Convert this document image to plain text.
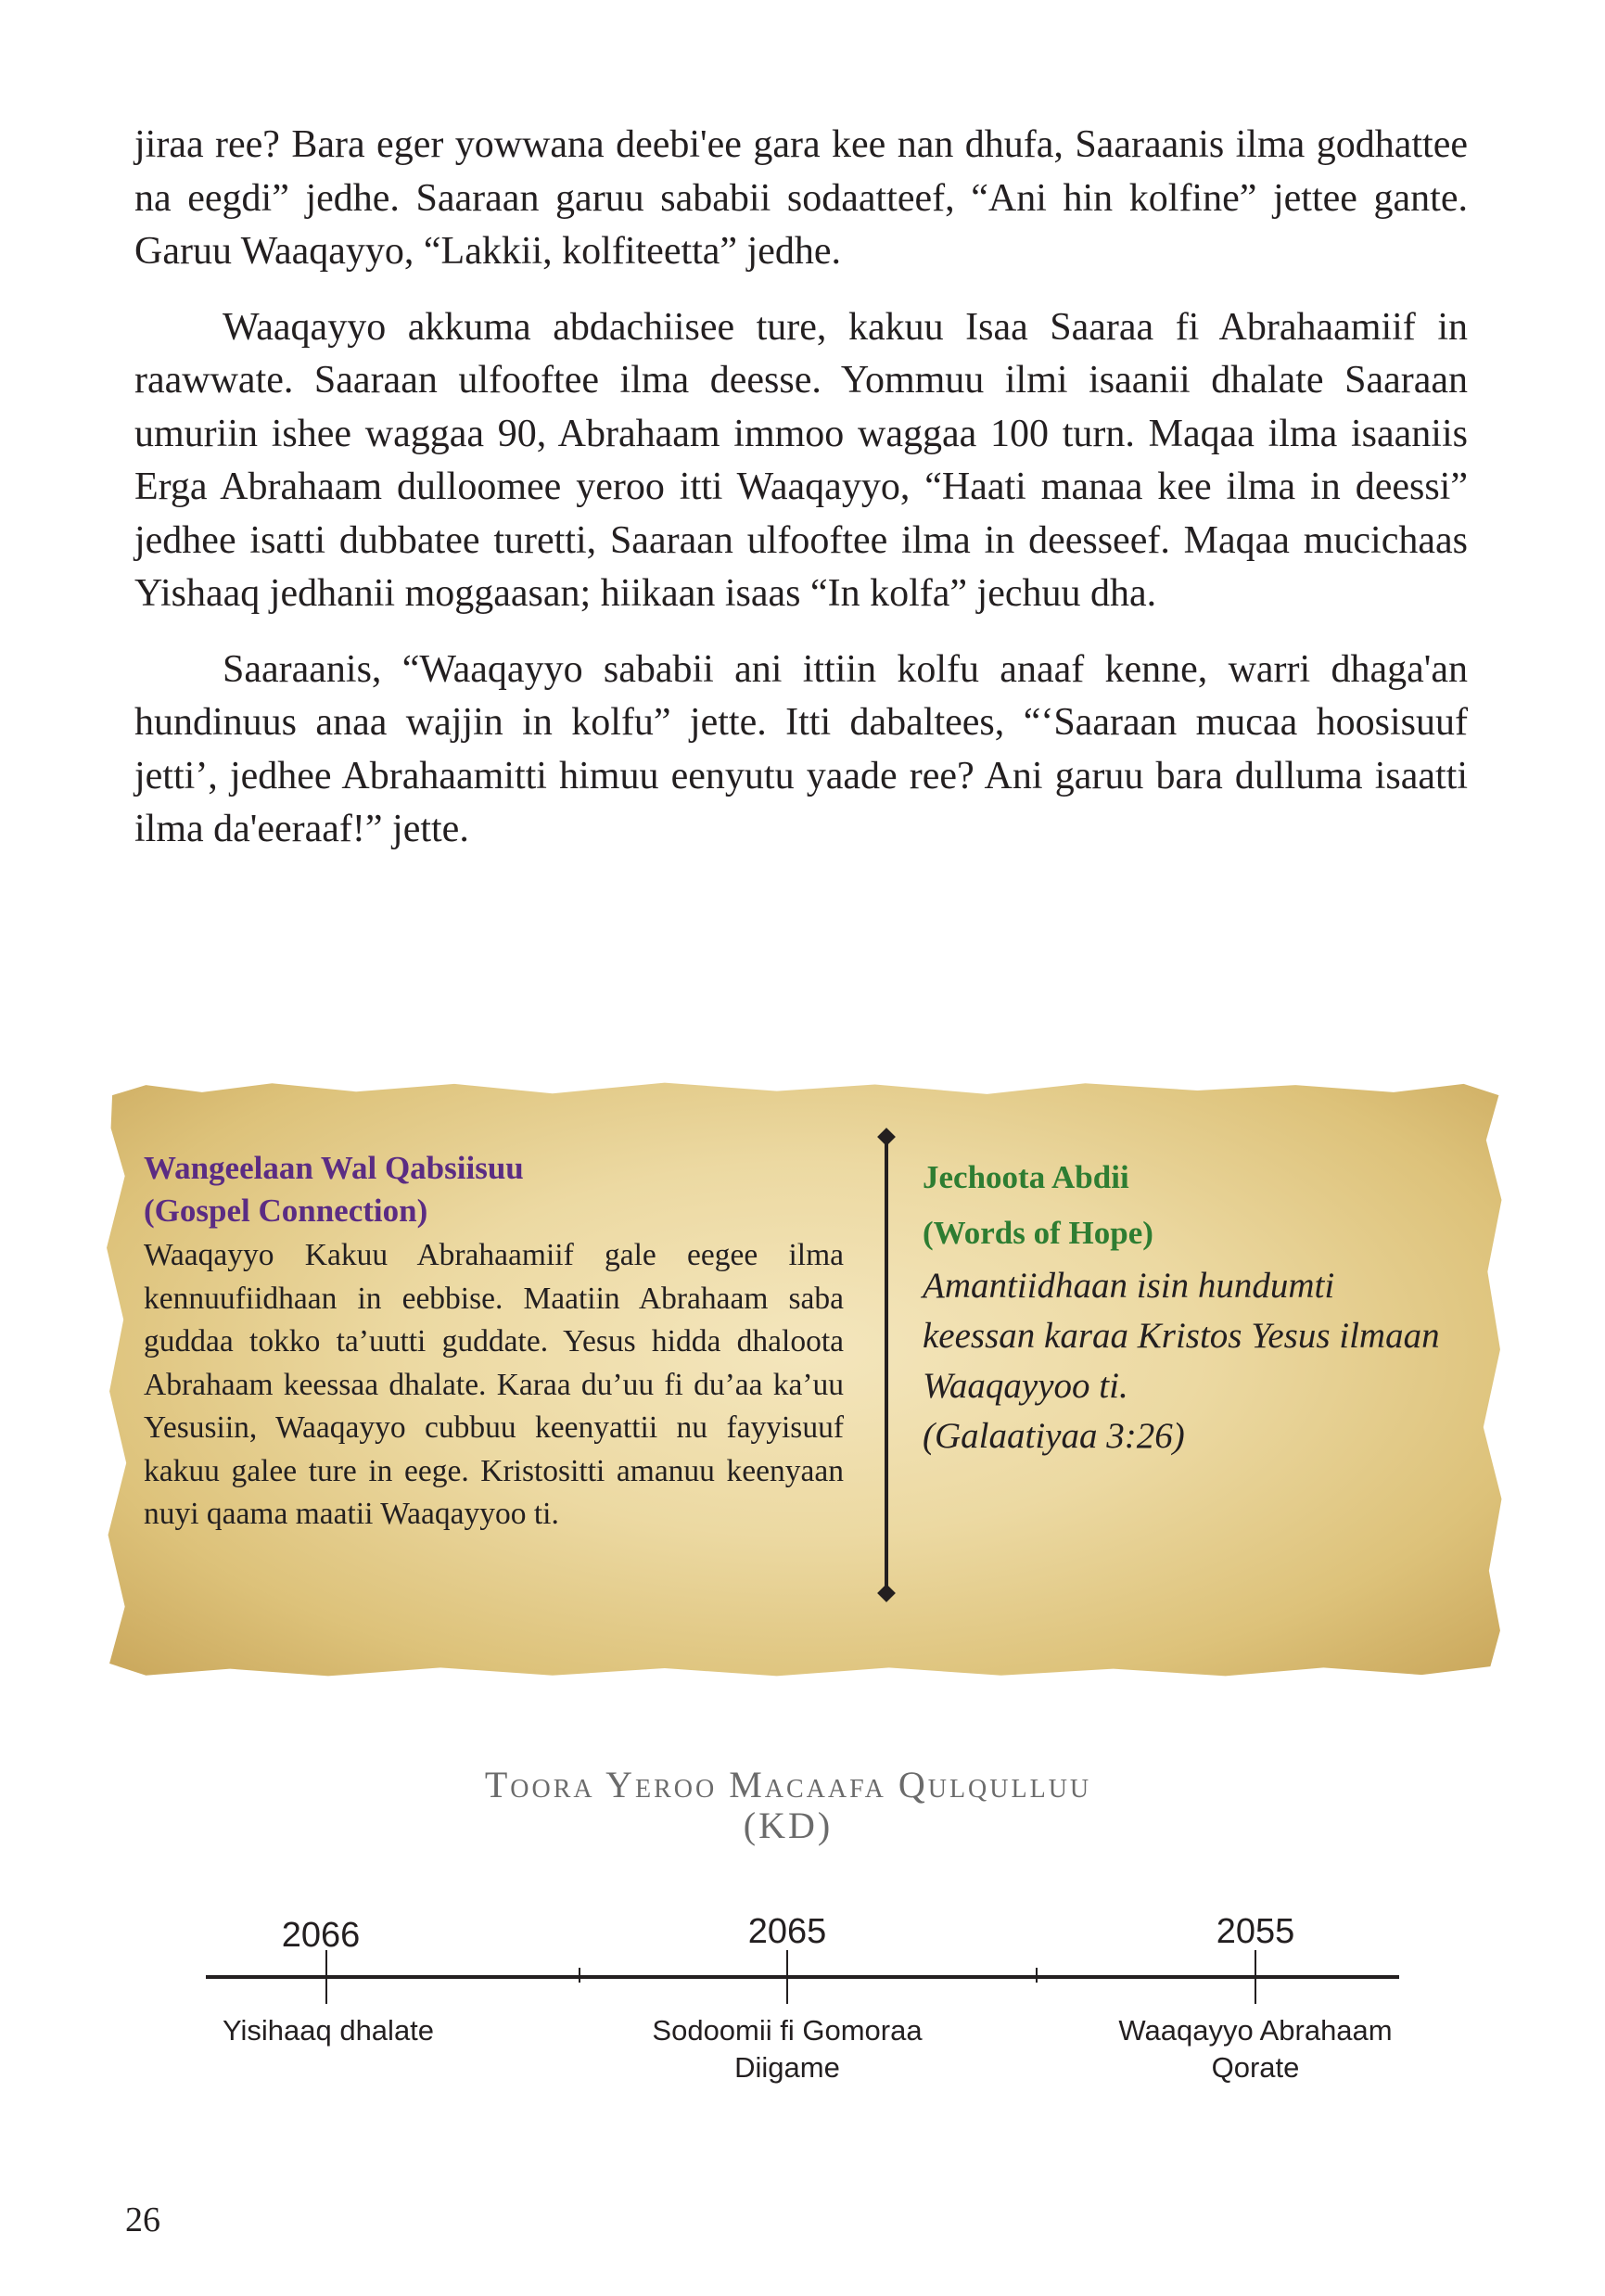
jiraa ree? Bara eger yowwana deebi'ee gara kee nan dhufa, Saaraanis ilma godhattee na eegdi” jedhe. Saaraan garuu sababii sodaatteef, “Ani hin kolfine” jettee gante. Garuu Waaqayyo, “Lakkii, kolfiteetta” jedhe.

Waaqayyo akkuma abdachiisee ture, kakuu Isaa Saaraa fi Abrahaamiif in raawwate. Saaraan ulfooftee ilma deesse. Yommuu ilmi isaanii dhalate Saaraan umuriin ishee waggaa 90, Abrahaam immoo waggaa 100 turn. Maqaa ilma isaaniis Erga Abrahaam dulloomee yeroo itti Waaqayyo, “Haati manaa kee ilma in deessi” jedhee isatti dubbatee turetti, Saaraan ulfooftee ilma in deesseef. Maqaa mucichaas Yishaaq jedhanii moggaasan; hiikaan isaas “In kolfa” jechuu dha.

Saaraanis, “Waaqayyo sababii ani ittiin kolfu anaaf kenne, warri dhaga'an hundinuus anaa wajjin in kolfu” jette. Itti dabaltees, “‘Saaraan mucaa hoosisuuf jetti’, jedhee Abrahaamitti himuu eenyutu yaade ree? Ani garuu bara dulluma isaatti ilma da'eeraaf!” jette.

Wangeelaan Wal Qabsiisuu
(Gospel Connection)
Waaqayyo Kakuu Abrahaamiif gale eegee ilma kennuufiidhaan in eebbise. Maatiin Abrahaam saba guddaa tokko ta’uutti guddate. Yesus hidda dhaloota Abrahaam keessaa dhalate. Karaa du’uu fi du’aa ka’uu Yesusiin, Waaqayyo cubbuu keenyattii nu fayyisuuf kakuu galee ture in eege. Kristositti amanuu keenyaan nuyi qaama maatii Waaqayyoo ti.
Jechoota Abdii
(Words of Hope)
Amantiidhaan isin hundumti keessan karaa Kristos Yesus ilmaan Waaqayyoo ti.
(Galaatiyaa 3:26)
Toora Yeroo Macaafa Qulqulluu
(KD)
2066	2065	2055
Yisihaaq dhalate	Sodoomii fi Gomoraa
Diigame
Waaqayyo Abrahaam
Qorate
26
